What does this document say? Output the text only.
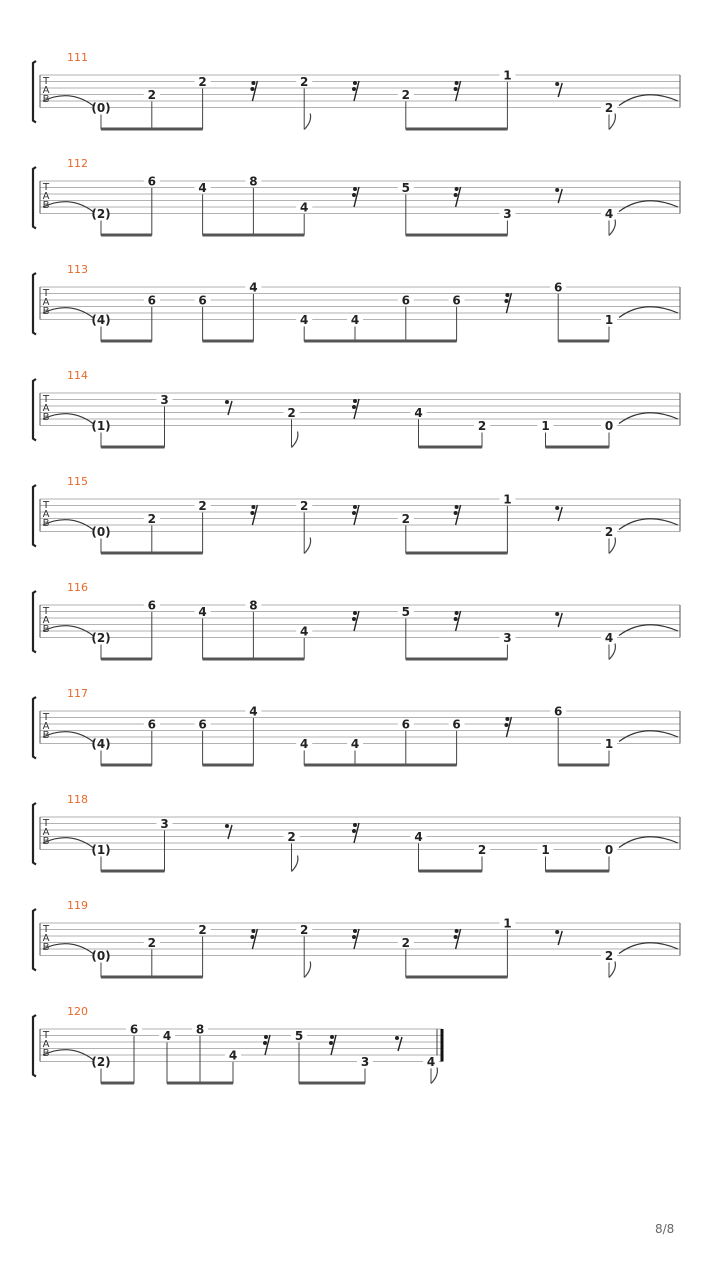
T
A
B
111
(0)
2
2	2
2
1
2
T
A
B
112
(2)
6	4	8
4
5
3	4
T
A
B
113
(4)
6	6
4
4	4
6	6
6
1
T
A
B
114
(1)
3
2	4
2	1	0
T
A
B
115
(0)
2
2	2
2
1
2
T
A
B
116
(2)
6	4	8
4
5
3	4
T
A
B
117
(4)
6	6
4
4	4
6	6
6
1
T
A
B
118
(1)
3
2	4
2	1	0
T
A
B
119
(0)
2
2	2
2
1
2
T
A
B
120
(2)
6 4 8
4
5
3	4
8/8
